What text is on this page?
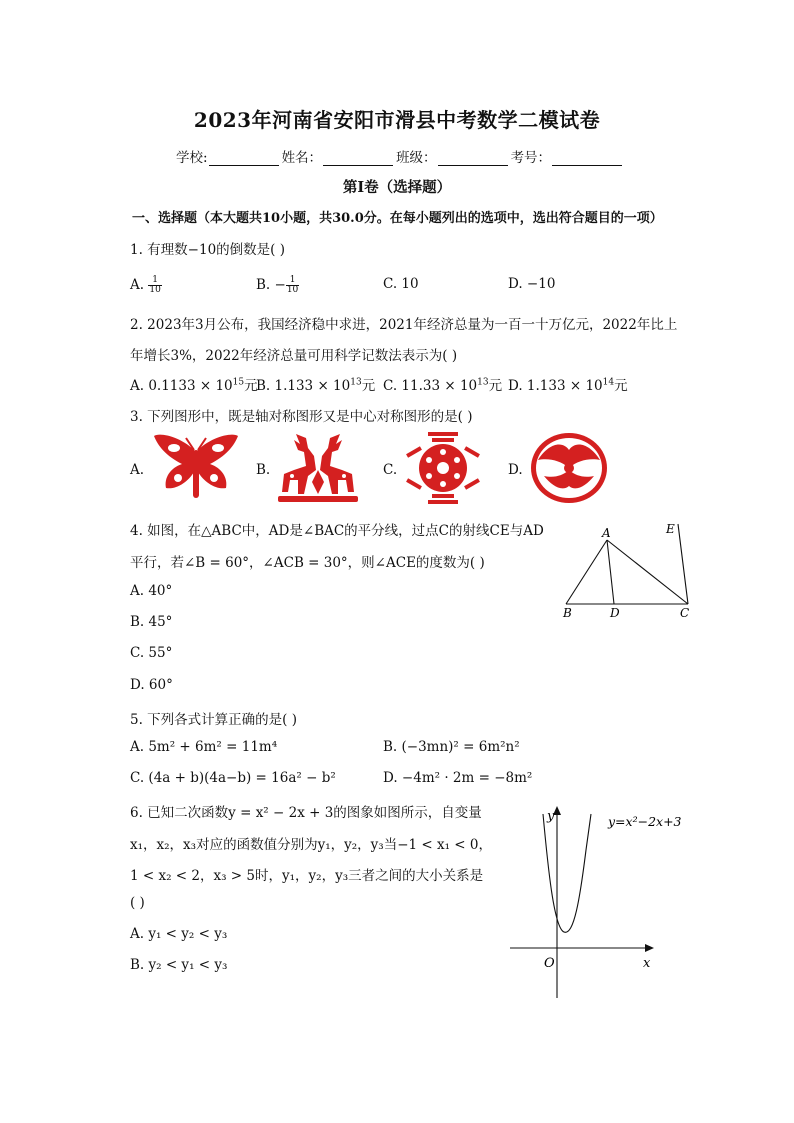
2023年河南省安阳市滑县中考数学二模试卷
学校:	姓名：	班级：	考号：
第I卷（选择题）
一、选择题（本大题共10小题，共30.0分。在每小题列出的选项中，选出符合题目的一项）
1. 有理数−10的倒数是( )
A. $\frac{1}{10}$	B. − $\frac{1}{10}$	C. 10	D. −10
2. 2023年3月公布，我国经济稳中求进，2021年经济总量为一百一十万亿元，2022年比上
年增长3%，2022年经济总量可用科学记数法表示为( )
A. $0.1133 \times 10^{15}$元
B. $1.133 \times 10^{13}$元 C. $11.33 \times 10^{13}$元 D. $1.133 \times 10^{14}$元
3. 下列图形中，既是轴对称图形又是中心对称图形的是( )
A.	B.	C.	D.
4. 如图，在△ABC中，AD是∠BAC的平分线，过点C的射线CE与AD
平行，若∠B = 60°，∠ACB = 30°，则∠ACE的度数为( )
A. 40°
B. 45°
C. 55°
D. 60°
A
B	D	C
E
5. 下列各式计算正确的是( )
A. 5m² + 6m² = 11m⁴	B. (−3mn)² = 6m²n²
C. (4a + b)(4a−b) = 16a² − b²	D. −4m² · 2m = −8m²
6. 已知二次函数y = x² − 2x + 3的图象如图所示，自变量
x₁，x₂，x₃对应的函数值分别为y₁，y₂，y₃当−1 < x₁ < 0，
1 < x₂ < 2，x₃ > 5时，y₁，y₂，y₃三者之间的大小关系是
( )
A. y₁ < y₂ < y₃
B. y₂ < y₁ < y₃
y
x
O
y=x²−2x+3
